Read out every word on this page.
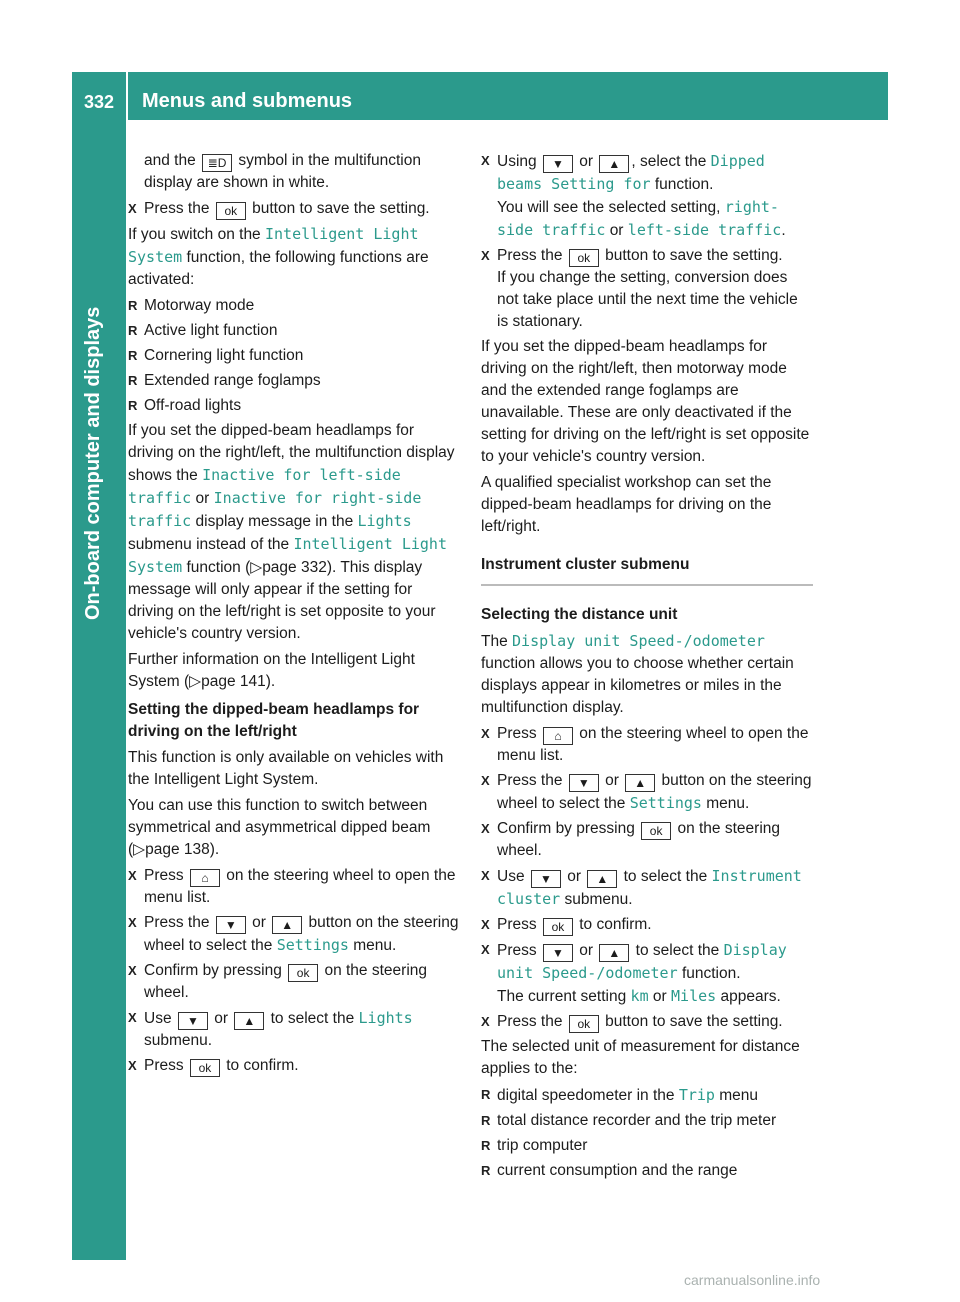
332	Menus and submenus
On-board computer and displays

and the ≣D symbol in the multifunction display are shown in white.

X Press the ok button to save the setting.

If you switch on the Intelligent Light System function, the following functions are activated:

R Motorway mode

R Active light function

R Cornering light function

R Extended range foglamps

R Off-road lights

If you set the dipped-beam headlamps for driving on the right/left, the multifunction display shows the Inactive for left-side traffic or Inactive for right-side traffic display message in the Lights submenu instead of the Intelligent Light System function (▷page 332). This display message will only appear if the setting for driving on the left/right is set opposite to your vehicle's country version.

Further information on the Intelligent Light System (▷page 141).

Setting the dipped-beam headlamps for driving on the left/right

This function is only available on vehicles with the Intelligent Light System.

You can use this function to switch between symmetrical and asymmetrical dipped beam (▷page 138).

X Press ⌂ on the steering wheel to open the menu list.

X Press the ▼ or ▲ button on the steering wheel to select the Settings menu.

X Confirm by pressing ok on the steering wheel.

X Use ▼ or ▲ to select the Lights submenu.

X Press ok to confirm.

X Using ▼ or ▲ , select the Dipped beams Setting for function.
You will see the selected setting, right-side traffic or left-side traffic.

X Press the ok button to save the setting.
If you change the setting, conversion does not take place until the next time the vehicle is stationary.

If you set the dipped-beam headlamps for driving on the right/left, then motorway mode and the extended range foglamps are unavailable. These are only deactivated if the setting for driving on the left/right is set opposite to your vehicle's country version.

A qualified specialist workshop can set the dipped-beam headlamps for driving on the left/right.

Instrument cluster submenu

Selecting the distance unit

The Display unit Speed-/odometer function allows you to choose whether certain displays appear in kilometres or miles in the multifunction display.

X Press ⌂ on the steering wheel to open the menu list.

X Press the ▼ or ▲ button on the steering wheel to select the Settings menu.

X Confirm by pressing ok on the steering wheel.

X Use ▼ or ▲ to select the Instrument cluster submenu.

X Press ok to confirm.

X Press ▼ or ▲ to select the Display unit Speed-/odometer function.
The current setting km or Miles appears.

X Press the ok button to save the setting.

The selected unit of measurement for distance applies to the:

R digital speedometer in the Trip menu

R total distance recorder and the trip meter

R trip computer

R current consumption and the range

carmanualsonline.info
